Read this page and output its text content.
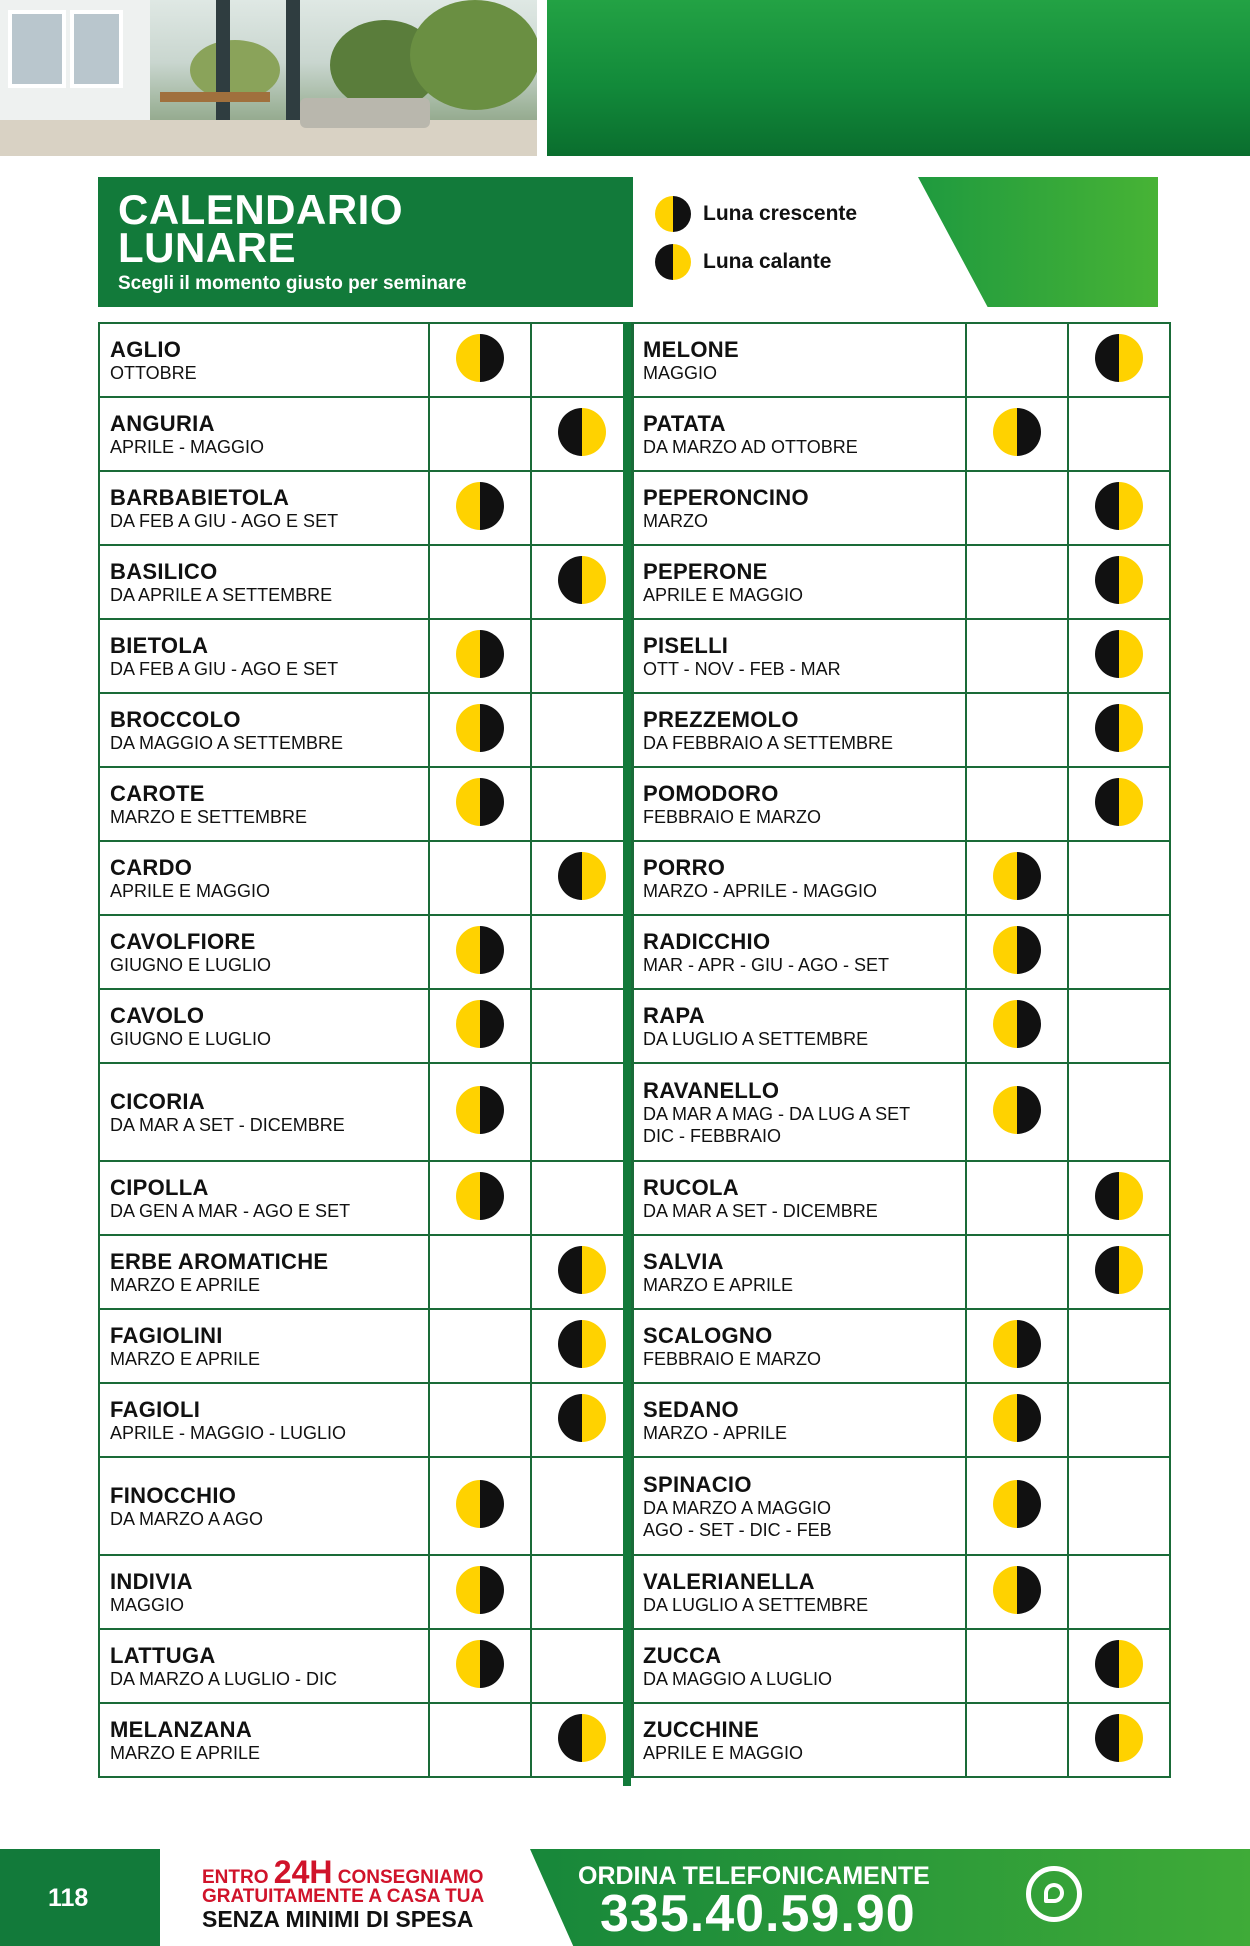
CALENDARIO
LUNARE
Scegli il momento giusto per seminare
Luna crescente
Luna calante
AGLIO
OTTOBRE		

ANGURIA
APRILE - MAGGIO		

BARBABIETOLA
DA FEB A GIU - AGO E SET		

BASILICO
DA APRILE A SETTEMBRE		

BIETOLA
DA FEB A GIU - AGO E SET		

BROCCOLO
DA MAGGIO A SETTEMBRE		

CAROTE
MARZO E SETTEMBRE		

CARDO
APRILE E MAGGIO		

CAVOLFIORE
GIUGNO E LUGLIO		

CAVOLO
GIUGNO E LUGLIO		

CICORIA
DA MAR A SET - DICEMBRE		

CIPOLLA
DA GEN A MAR - AGO E SET		

ERBE AROMATICHE
MARZO E APRILE		

FAGIOLINI
MARZO E APRILE		

FAGIOLI
APRILE - MAGGIO - LUGLIO		

FINOCCHIO
DA MARZO A AGO		

INDIVIA
MAGGIO		

LATTUGA
DA MARZO A LUGLIO - DIC		

MELANZANA
MARZO E APRILE		

MELONE
MAGGIO		

PATATA
DA MARZO AD OTTOBRE		

PEPERONCINO
MARZO		

PEPERONE
APRILE E MAGGIO		

PISELLI
OTT - NOV - FEB - MAR		

PREZZEMOLO
DA FEBBRAIO A SETTEMBRE		

POMODORO
FEBBRAIO E MARZO		

PORRO
MARZO - APRILE - MAGGIO		

RADICCHIO
MAR - APR - GIU - AGO - SET		

RAPA
DA LUGLIO A SETTEMBRE		

RAVANELLO
DA MAR A MAG - DA LUG A SET
DIC - FEBBRAIO		

RUCOLA
DA MAR A SET - DICEMBRE		

SALVIA
MARZO E APRILE		

SCALOGNO
FEBBRAIO E MARZO		

SEDANO
MARZO - APRILE		

SPINACIO
DA MARZO A MAGGIO
AGO - SET - DIC - FEB		

VALERIANELLA
DA LUGLIO A SETTEMBRE		

ZUCCA
DA MAGGIO A LUGLIO		

ZUCCHINE
APRILE E MAGGIO		

118
ENTRO 24H CONSEGNIAMO
GRATUITAMENTE A CASA TUA
SENZA MINIMI DI SPESA
ORDINA TELEFONICAMENTE
335.40.59.90
